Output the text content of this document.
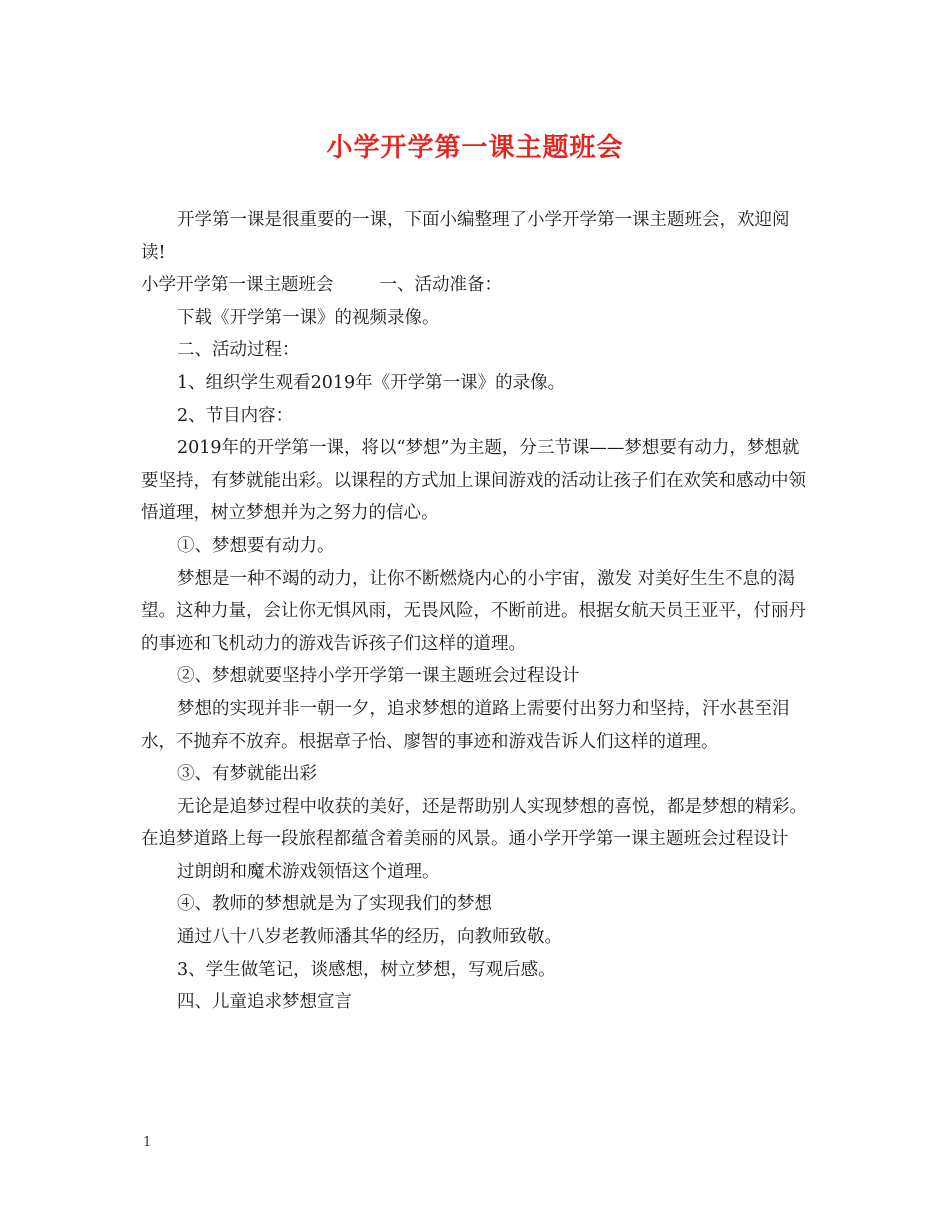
小学开学第一课主题班会

开学第一课是很重要的一课，下面小编整理了小学开学第一课主题班会，欢迎阅读!

小学开学第一课主题班会	一、活动准备：

下载《开学第一课》的视频录像。

二、活动过程：

1、组织学生观看2019年《开学第一课》的录像。

2、节目内容：

2019年的开学第一课，将以“梦想”为主题，分三节课——梦想要有动力，梦想就要坚持，有梦就能出彩。以课程的方式加上课间游戏的活动让孩子们在欢笑和感动中领悟道理，树立梦想并为之努力的信心。

①、梦想要有动力。

梦想是一种不竭的动力，让你不断燃烧内心的小宇宙，激发 对美好生生不息的渴望。这种力量，会让你无惧风雨，无畏风险，不断前进。根据女航天员王亚平，付丽丹的事迹和飞机动力的游戏告诉孩子们这样的道理。

②、梦想就要坚持小学开学第一课主题班会过程设计

梦想的实现并非一朝一夕，追求梦想的道路上需要付出努力和坚持，汗水甚至泪水，不抛弃不放弃。根据章子怡、廖智的事迹和游戏告诉人们这样的道理。

③、有梦就能出彩

无论是追梦过程中收获的美好，还是帮助别人实现梦想的喜悦，都是梦想的精彩。在追梦道路上每一段旅程都蕴含着美丽的风景。通小学开学第一课主题班会过程设计

过朗朗和魔术游戏领悟这个道理。

④、教师的梦想就是为了实现我们的梦想

通过八十八岁老教师潘其华的经历，向教师致敬。

3、学生做笔记，谈感想，树立梦想，写观后感。

四、儿童追求梦想宣言

1
